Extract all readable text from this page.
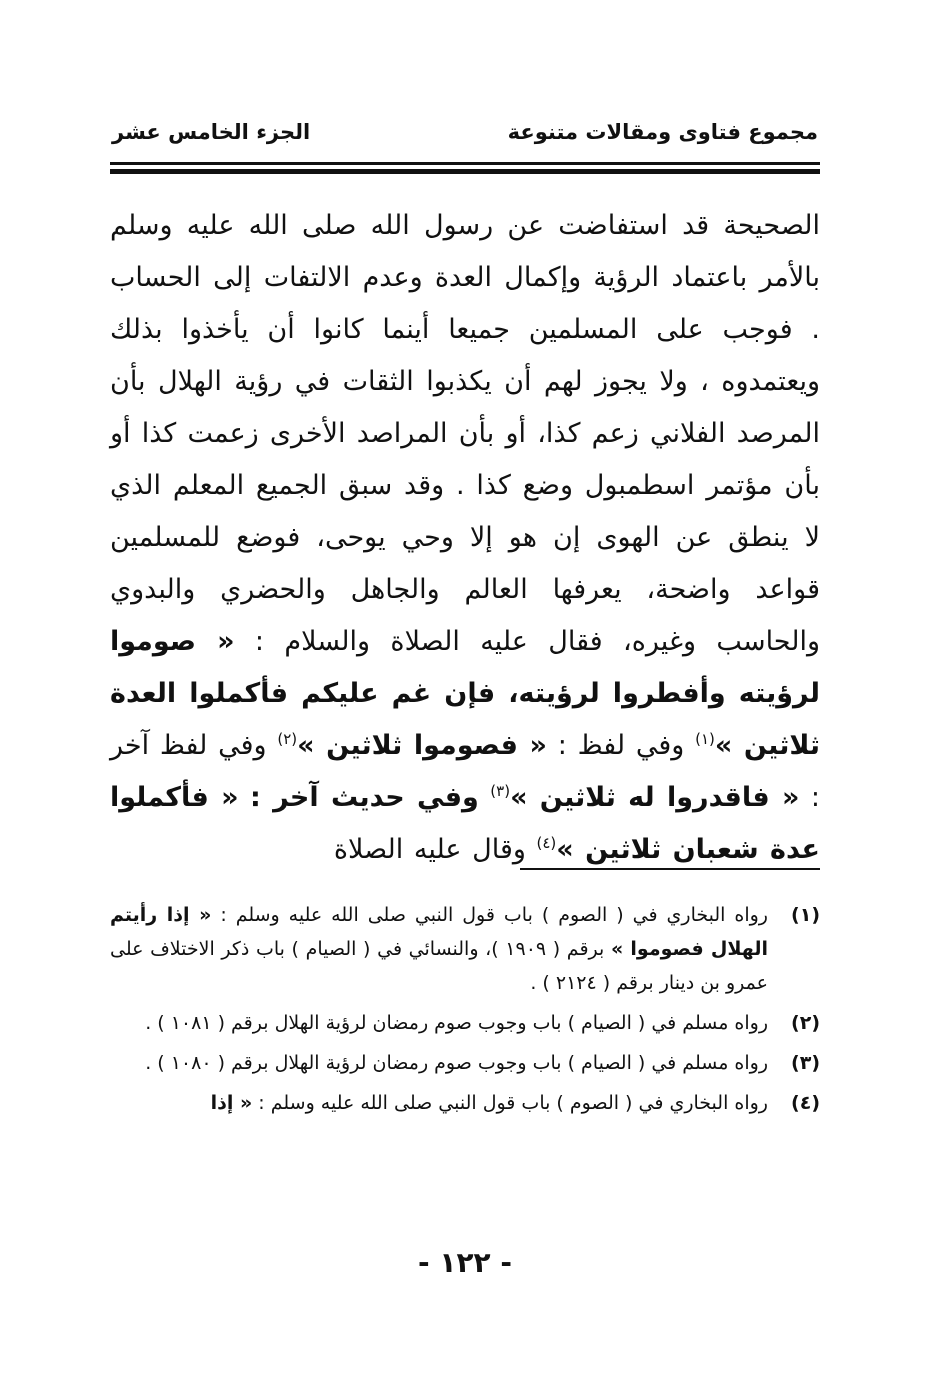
مجموع فتاوى ومقالات متنوعة
الجزء الخامس عشر
الصحيحة قد استفاضت عن رسول الله صلى الله عليه وسلم بالأمر باعتماد الرؤية وإكمال العدة وعدم الالتفات إلى الحساب . فوجب على المسلمين جميعا أينما كانوا أن يأخذوا بذلك ويعتمدوه ، ولا يجوز لهم أن يكذبوا الثقات في رؤية الهلال بأن المرصد الفلاني زعم كذا، أو بأن المراصد الأخرى زعمت كذا أو بأن مؤتمر اسطمبول وضع كذا . وقد سبق الجميع المعلم الذي لا ينطق عن الهوى إن هو إلا وحي يوحى، فوضع للمسلمين قواعد واضحة، يعرفها العالم والجاهل والحضري والبدوي والحاسب وغيره، فقال عليه الصلاة والسلام : « صوموا لرؤيته وأفطروا لرؤيته، فإن غم عليكم فأكملوا العدة ثلاثين »$^{(١)}$ وفي لفظ : « فصوموا ثلاثين »$^{(٢)}$ وفي لفظ آخر : « فاقدروا له ثلاثين »$^{(٣)}$ وفي حديث آخر : « فأكملوا عدة شعبان ثلاثين »$^{(٤)}$ وقال عليه الصلاة
(١)
رواه البخاري في ( الصوم ) باب قول النبي صلى الله عليه وسلم : « إذا رأيتم الهلال فصوموا » برقم ( ١٩٠٩ )، والنسائي في ( الصيام ) باب ذكر الاختلاف على عمرو بن دينار برقم ( ٢١٢٤ ) .
(٢)
رواه مسلم في ( الصيام ) باب وجوب صوم رمضان لرؤية الهلال برقم ( ١٠٨١ ) .
(٣)
رواه مسلم في ( الصيام ) باب وجوب صوم رمضان لرؤية الهلال برقم ( ١٠٨٠ ) .
(٤)
رواه البخاري في ( الصوم ) باب قول النبي صلى الله عليه وسلم : « إذا
- ١٢٢ -
